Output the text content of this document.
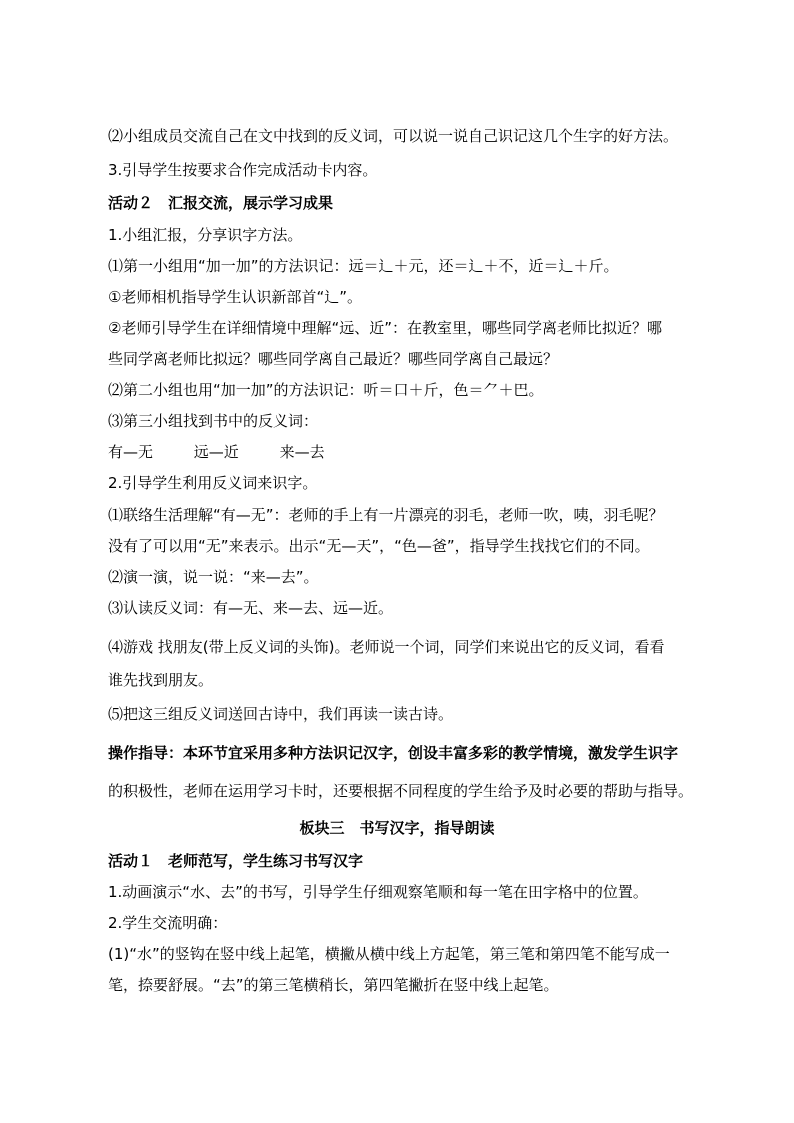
⑵小组成员交流自己在文中找到的反义词，可以说一说自己识记这几个生字的好方法。
3.引导学生按要求合作完成活动卡内容。
活动２　汇报交流，展示学习成果
1.小组汇报，分享识字方法。
⑴第一小组用“加一加”的方法识记：远＝辶＋元，还＝辶＋不，近＝辶＋斤。
①老师相机指导学生认识新部首“辶”。
②老师引导学生在详细情境中理解“远、近”：在教室里，哪些同学离老师比拟近？哪
些同学离老师比拟远？哪些同学离自己最近？哪些同学离自己最远？
⑵第二小组也用“加一加”的方法识记：听＝口＋斤，色＝⺈＋巴。
⑶第三小组找到书中的反义词：
有—无	远—近	来—去
2.引导学生利用反义词来识字。
⑴联络生活理解“有—无”：老师的手上有一片漂亮的羽毛，老师一吹，咦，羽毛呢？
没有了可以用“无”来表示。出示“无—天”，“色—爸”，指导学生找找它们的不同。
⑵演一演，说一说：“来—去”。
⑶认读反义词：有—无、来—去、远—近。
⑷游戏 找朋友(带上反义词的头饰)。老师说一个词，同学们来说出它的反义词，看看
谁先找到朋友。
⑸把这三组反义词送回古诗中，我们再读一读古诗。
操作指导：本环节宜采用多种方法识记汉字，创设丰富多彩的教学情境，激发学生识字
的积极性，老师在运用学习卡时，还要根据不同程度的学生给予及时必要的帮助与指导。
板块三　书写汉字，指导朗读
活动１　老师范写，学生练习书写汉字
1.动画演示“水、去”的书写，引导学生仔细观察笔顺和每一笔在田字格中的位置。
2.学生交流明确：
(1)“水”的竖钩在竖中线上起笔，横撇从横中线上方起笔，第三笔和第四笔不能写成一
笔，捺要舒展。“去”的第三笔横稍长，第四笔撇折在竖中线上起笔。
